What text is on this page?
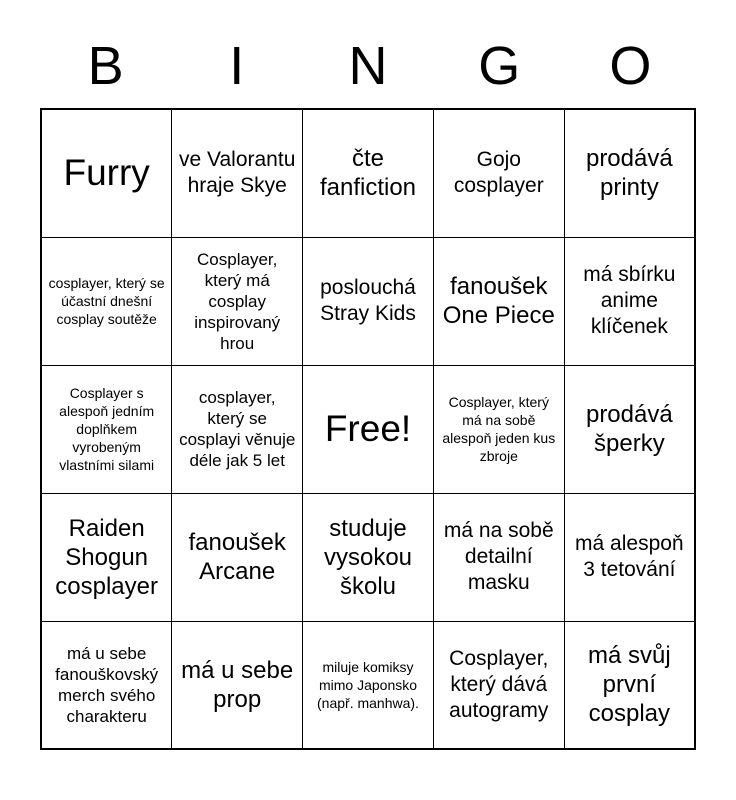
B	I	N	G	O
Furry	ve Valorantu hraje Skye	čte fanfiction	Gojo cosplayer	prodává printy
cosplayer, který se účastní dnešní cosplay soutěže	Cosplayer, který má cosplay inspirovaný hrou	poslouchá Stray Kids	fanoušek One Piece	má sbírku anime klíčenek
Cosplayer s alespoň jedním doplňkem vyrobeným vlastními silami	cosplayer, který se cosplayi věnuje déle jak 5 let	Free!	Cosplayer, který má na sobě alespoň jeden kus zbroje	prodává šperky
Raiden Shogun cosplayer	fanoušek Arcane	studuje vysokou školu	má na sobě detailní masku	má alespoň 3 tetování
má u sebe fanouškovský merch svého charakteru	má u sebe prop	miluje komiksy mimo Japonsko (např. manhwa).	Cosplayer, který dává autogramy	má svůj první cosplay
